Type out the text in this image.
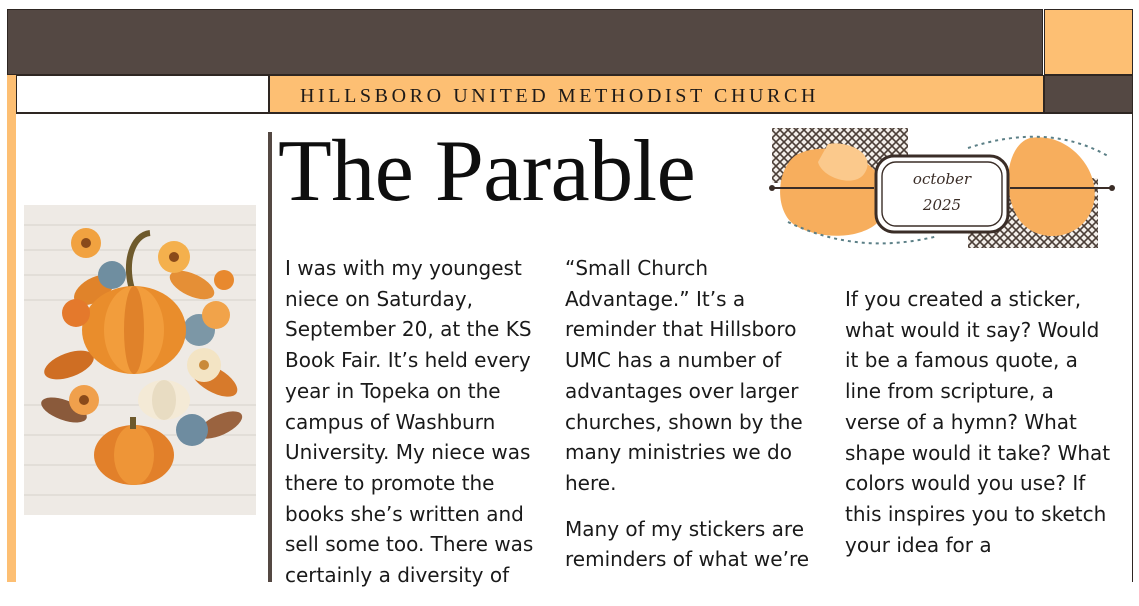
HILLSBORO UNITED METHODIST CHURCH
The Parable	october
2025

I was with my youngest niece on Saturday, September 20, at the KS Book Fair. It’s held every year in Topeka on the campus of Washburn University. My niece was there to promote the books she’s written and sell some too. There was certainly a diversity of

“Small Church Advantage.” It’s a reminder that Hillsboro UMC has a number of advantages over larger churches, shown by the many ministries we do here.

Many of my stickers are reminders of what we’re

If you created a sticker, what would it say? Would it be a famous quote, a line from scripture, a verse of a hymn? What shape would it take? What colors would you use? If this inspires you to sketch your idea for a
